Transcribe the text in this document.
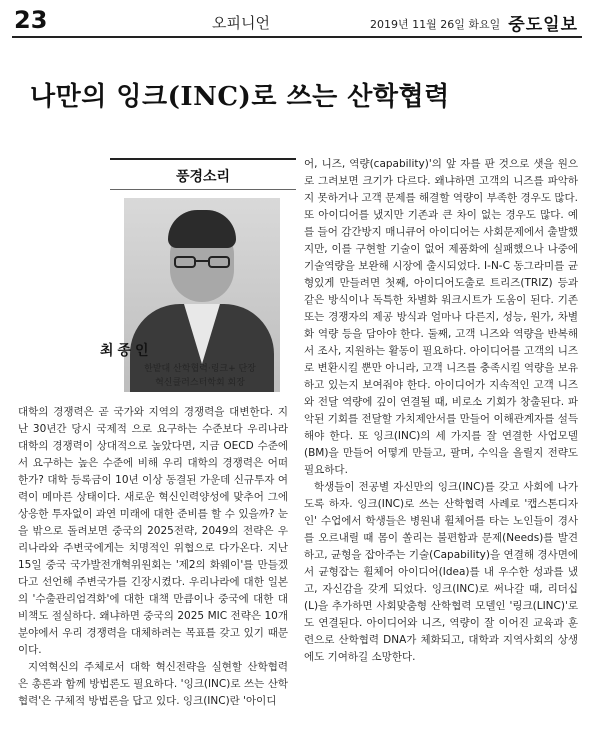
23	오피니언	2019년 11월 26일 화요일 중도일보
나만의 잉크(INC)로 쓰는 산학협력
풍경소리
최종인
한밭대 산학협력·링크+ 단장
혁신클러스터학회 회장

대학의 경쟁력은 곧 국가와 지역의 경쟁력을 대변한다. 지난 30년간 당시 국제적 으로 요구하는 수준보다 우리나라 대학의 경쟁력이 상대적으로 높았다면, 지금 OECD 수준에서 요구하는 높은 수준에 비해 우리 대학의 경쟁력은 어떠한가? 대학 등록금이 10년 이상 동결된 가운데 신규투자 여력이 메마른 상태이다. 새로운 혁신인력양성에 맞추어 그에 상응한 투자없이 과연 미래에 대한 준비를 할 수 있을까? 눈을 밖으로 돌려보면 중국의 2025전략, 2049의 전략은 우리나라와 주변국에게는 치명적인 위협으로 다가온다. 지난 15일 중국 국가발전개혁위원회는 '제2의 화웨이'를 만들겠다고 선언해 주변국가를 긴장시켰다. 우리나라에 대한 일본의 '수출관리엄격화'에 대한 대책 만큼이나 중국에 대한 대비책도 절실하다. 왜냐하면 중국의 2025 MIC 전략은 10개 분야에서 우리 경쟁력을 대체하려는 목표를 갖고 있기 때문이다.

지역혁신의 주체로서 대학 혁신전략을 실현할 산학협력은 총론과 함께 방법론도 필요하다. '잉크(INC)로 쓰는 산학협력'은 구체적 방법론을 답고 있다. 잉크(INC)란 '아이디

어, 니즈, 역량(capability)'의 앞 자를 판 것으로 샛을 원으로 그려보면 크기가 다르다. 왜냐하면 고객의 니즈를 파악하지 못하거나 고객 문제를 해결할 역량이 부족한 경우도 많다. 또 아이디어를 냈지만 기존과 큰 차이 없는 경우도 많다. 예를 들어 감간방지 매니큐어 아이디어는 사회문제에서 출발했지만, 이를 구현할 기술이 없어 제품화에 실패했으나 나중에 기술역량을 보완해 시장에 출시되었다. I-N-C 동그라미를 균형있게 만들려면 첫째, 아이디어도출로 트리즈(TRIZ) 등과 같은 방식이나 독특한 차별화 워크시트가 도움이 된다. 기존 또는 경쟁자의 제공 방식과 얼마나 다른지, 성능, 원가, 차별화 역량 등을 담아야 한다. 둘째, 고객 니즈와 역량을 반복해서 조사, 지원하는 활동이 필요하다. 아이디어를 고객의 니즈로 변환시킬 뿐만 아니라, 고객 니즈를 충족시킬 역량을 보유하고 있는지 보여줘야 한다. 아이디어가 지속적인 고객 니즈와 전달 역량에 깊이 연결될 때, 비로소 기회가 창출된다. 파악된 기회를 전달할 가치제안서를 만들어 이해관계자를 설득해야 한다. 또 잉크(INC)의 세 가지를 잘 연결한 사업모델(BM)을 만들어 어떻게 만들고, 팔며, 수익을 올릴지 전략도 필요하다.

학생들이 전공별 자신만의 잉크(INC)를 갖고 사회에 나가도록 하자. 잉크(INC)로 쓰는 산학협력 사례로 '캡스톤디자인' 수업에서 학생들은 병원내 휠체어를 타는 노인들이 경사를 오르내릴 때 몸이 쏠리는 불편함과 문제(Needs)를 발견하고, 균형을 잡아주는 기술(Capability)을 연결해 경사면에서 균형잡는 휠체어 아이디어(Idea)를 내 우수한 성과를 냈고, 자신감을 갖게 되었다. 잉크(INC)로 써나갈 때, 리더십(L)을 추가하면 사회맞춤형 산학협력 모델인 '링크(LINC)'로도 연결된다. 아이디어와 니즈, 역량이 잘 이어진 교육과 훈련으로 산학협력 DNA가 체화되고, 대학과 지역사회의 상생에도 기여하길 소망한다.
